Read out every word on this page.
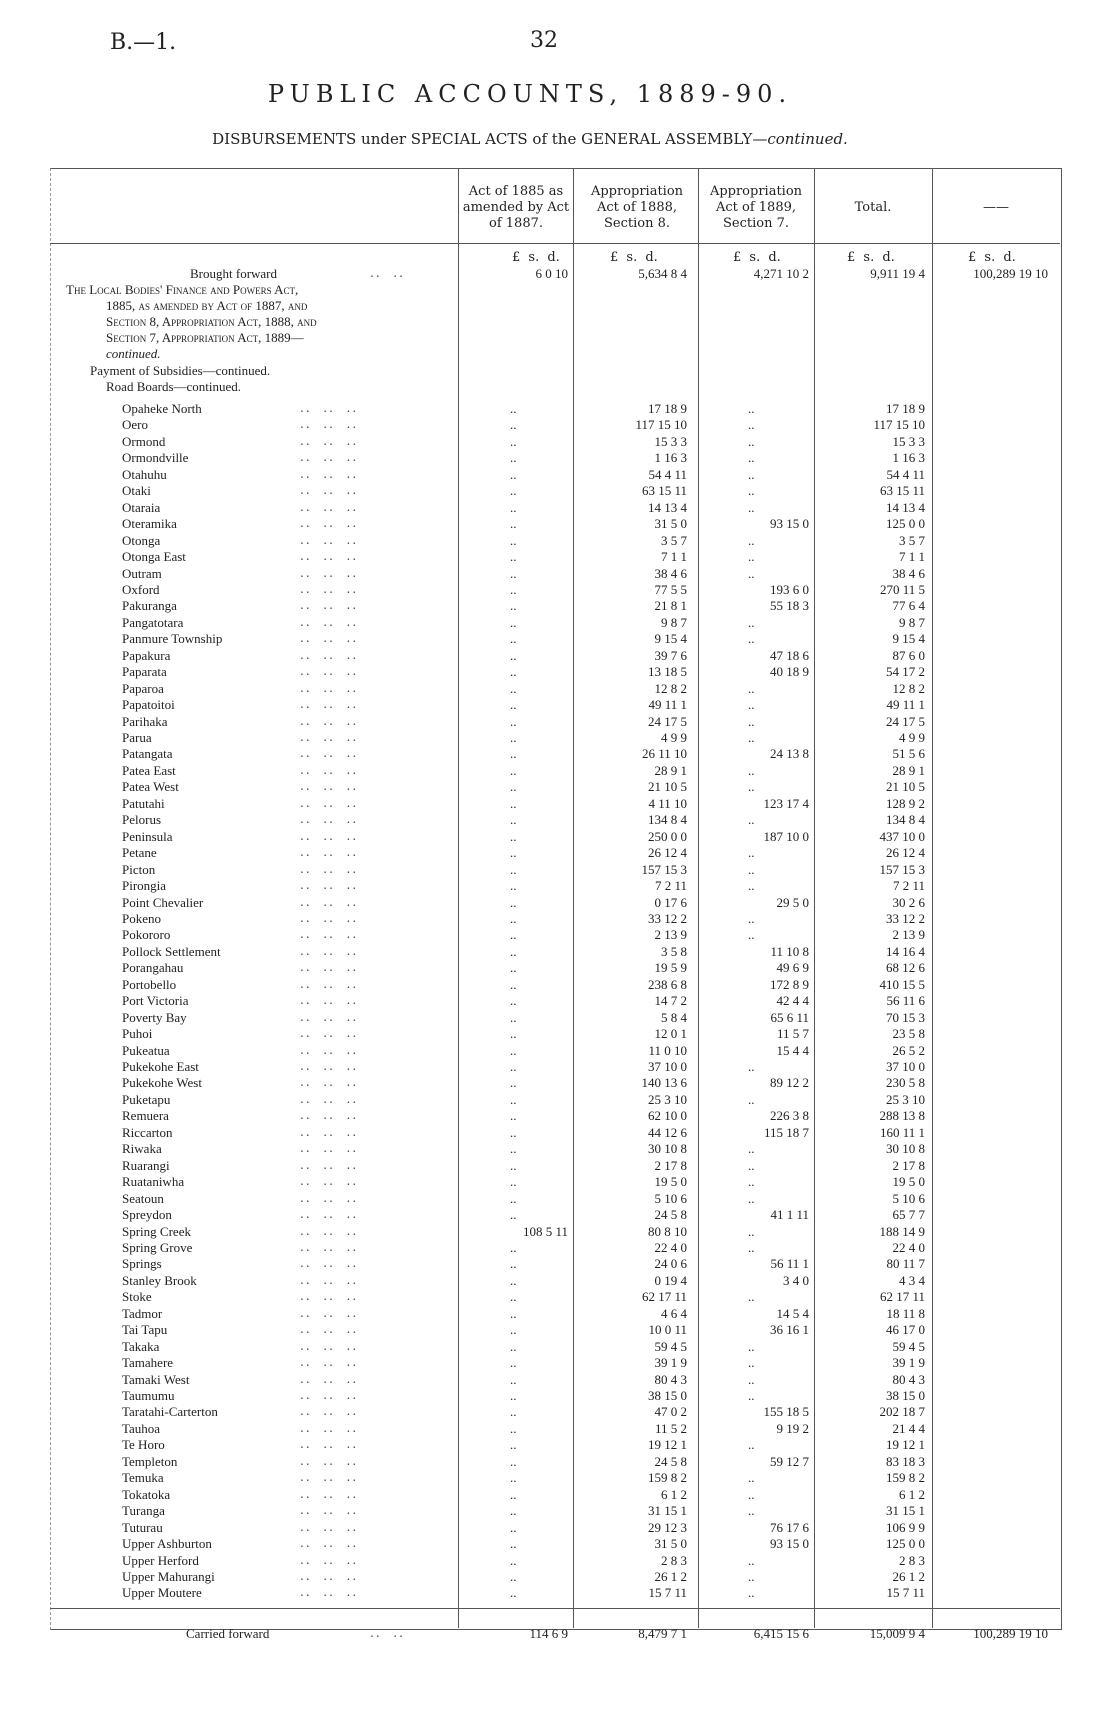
B.—1.	32
PUBLIC ACCOUNTS, 1889-90.
DISBURSEMENTS under SPECIAL ACTS of the GENERAL ASSEMBLY—continued.
Act of 1885 as amended by Act of 1887.
Appropriation Act of 1888, Section 8.
Appropriation Act of 1889, Section 7.
Total.	——
£ s. d.	£ s. d.	£ s. d.	£ s. d.	£ s. d.
Brought forward	..  ..	6 0 10	5,634 8 4	4,271 10 2	9,911 19 4	100,289 19 10
The Local Bodies' Finance and Powers Act,
1885, as amended by Act of 1887, and
Section 8, Appropriation Act, 1888, and
Section 7, Appropriation Act, 1889—
continued.
Payment of Subsidies—continued.
Road Boards—continued.
Opaheke North	..  ..  ..	..	17 18 9	..	17 18 9
Oero	..  ..  ..	..	117 15 10	..	117 15 10
Ormond	..  ..  ..	..	15 3 3	..	15 3 3
Ormondville	..  ..  ..	..	1 16 3	..	1 16 3
Otahuhu	..  ..  ..	..	54 4 11	..	54 4 11
Otaki	..  ..  ..	..	63 15 11	..	63 15 11
Otaraia	..  ..  ..	..	14 13 4	..	14 13 4
Oteramika	..  ..  ..	..	31 5 0	93 15 0	125 0 0
Otonga	..  ..  ..	..	3 5 7	..	3 5 7
Otonga East	..  ..  ..	..	7 1 1	..	7 1 1
Outram	..  ..  ..	..	38 4 6	..	38 4 6
Oxford	..  ..  ..	..	77 5 5	193 6 0	270 11 5
Pakuranga	..  ..  ..	..	21 8 1	55 18 3	77 6 4
Pangatotara	..  ..  ..	..	9 8 7	..	9 8 7
Panmure Township	..  ..  ..	..	9 15 4	..	9 15 4
Papakura	..  ..  ..	..	39 7 6	47 18 6	87 6 0
Paparata	..  ..  ..	..	13 18 5	40 18 9	54 17 2
Paparoa	..  ..  ..	..	12 8 2	..	12 8 2
Papatoitoi	..  ..  ..	..	49 11 1	..	49 11 1
Parihaka	..  ..  ..	..	24 17 5	..	24 17 5
Parua	..  ..  ..	..	4 9 9	..	4 9 9
Patangata	..  ..  ..	..	26 11 10	24 13 8	51 5 6
Patea East	..  ..  ..	..	28 9 1	..	28 9 1
Patea West	..  ..  ..	..	21 10 5	..	21 10 5
Patutahi	..  ..  ..	..	4 11 10	123 17 4	128 9 2
Pelorus	..  ..  ..	..	134 8 4	..	134 8 4
Peninsula	..  ..  ..	..	250 0 0	187 10 0	437 10 0
Petane	..  ..  ..	..	26 12 4	..	26 12 4
Picton	..  ..  ..	..	157 15 3	..	157 15 3
Pirongia	..  ..  ..	..	7 2 11	..	7 2 11
Point Chevalier	..  ..  ..	..	0 17 6	29 5 0	30 2 6
Pokeno	..  ..  ..	..	33 12 2	..	33 12 2
Pokororo	..  ..  ..	..	2 13 9	..	2 13 9
Pollock Settlement	..  ..  ..	..	3 5 8	11 10 8	14 16 4
Porangahau	..  ..  ..	..	19 5 9	49 6 9	68 12 6
Portobello	..  ..  ..	..	238 6 8	172 8 9	410 15 5
Port Victoria	..  ..  ..	..	14 7 2	42 4 4	56 11 6
Poverty Bay	..  ..  ..	..	5 8 4	65 6 11	70 15 3
Puhoi	..  ..  ..	..	12 0 1	11 5 7	23 5 8
Pukeatua	..  ..  ..	..	11 0 10	15 4 4	26 5 2
Pukekohe East	..  ..  ..	..	37 10 0	..	37 10 0
Pukekohe West	..  ..  ..	..	140 13 6	89 12 2	230 5 8
Puketapu	..  ..  ..	..	25 3 10	..	25 3 10
Remuera	..  ..  ..	..	62 10 0	226 3 8	288 13 8
Riccarton	..  ..  ..	..	44 12 6	115 18 7	160 11 1
Riwaka	..  ..  ..	..	30 10 8	..	30 10 8
Ruarangi	..  ..  ..	..	2 17 8	..	2 17 8
Ruataniwha	..  ..  ..	..	19 5 0	..	19 5 0
Seatoun	..  ..  ..	..	5 10 6	..	5 10 6
Spreydon	..  ..  ..	..	24 5 8	41 1 11	65 7 7
Spring Creek	..  ..  ..	108 5 11	80 8 10	..	188 14 9
Spring Grove	..  ..  ..	..	22 4 0	..	22 4 0
Springs	..  ..  ..	..	24 0 6	56 11 1	80 11 7
Stanley Brook	..  ..  ..	..	0 19 4	3 4 0	4 3 4
Stoke	..  ..  ..	..	62 17 11	..	62 17 11
Tadmor	..  ..  ..	..	4 6 4	14 5 4	18 11 8
Tai Tapu	..  ..  ..	..	10 0 11	36 16 1	46 17 0
Takaka	..  ..  ..	..	59 4 5	..	59 4 5
Tamahere	..  ..  ..	..	39 1 9	..	39 1 9
Tamaki West	..  ..  ..	..	80 4 3	..	80 4 3
Taumumu	..  ..  ..	..	38 15 0	..	38 15 0
Taratahi-Carterton	..  ..  ..	..	47 0 2	155 18 5	202 18 7
Tauhoa	..  ..  ..	..	11 5 2	9 19 2	21 4 4
Te Horo	..  ..  ..	..	19 12 1	..	19 12 1
Templeton	..  ..  ..	..	24 5 8	59 12 7	83 18 3
Temuka	..  ..  ..	..	159 8 2	..	159 8 2
Tokatoka	..  ..  ..	..	6 1 2	..	6 1 2
Turanga	..  ..  ..	..	31 15 1	..	31 15 1
Tuturau	..  ..  ..	..	29 12 3	76 17 6	106 9 9
Upper Ashburton	..  ..  ..	..	31 5 0	93 15 0	125 0 0
Upper Herford	..  ..  ..	..	2 8 3	..	2 8 3
Upper Mahurangi	..  ..  ..	..	26 1 2	..	26 1 2
Upper Moutere	..  ..  ..	..	15 7 11	..	15 7 11
Carried forward	..  ..	114 6 9	8,479 7 1	6,415 15 6	15,009 9 4	100,289 19 10
